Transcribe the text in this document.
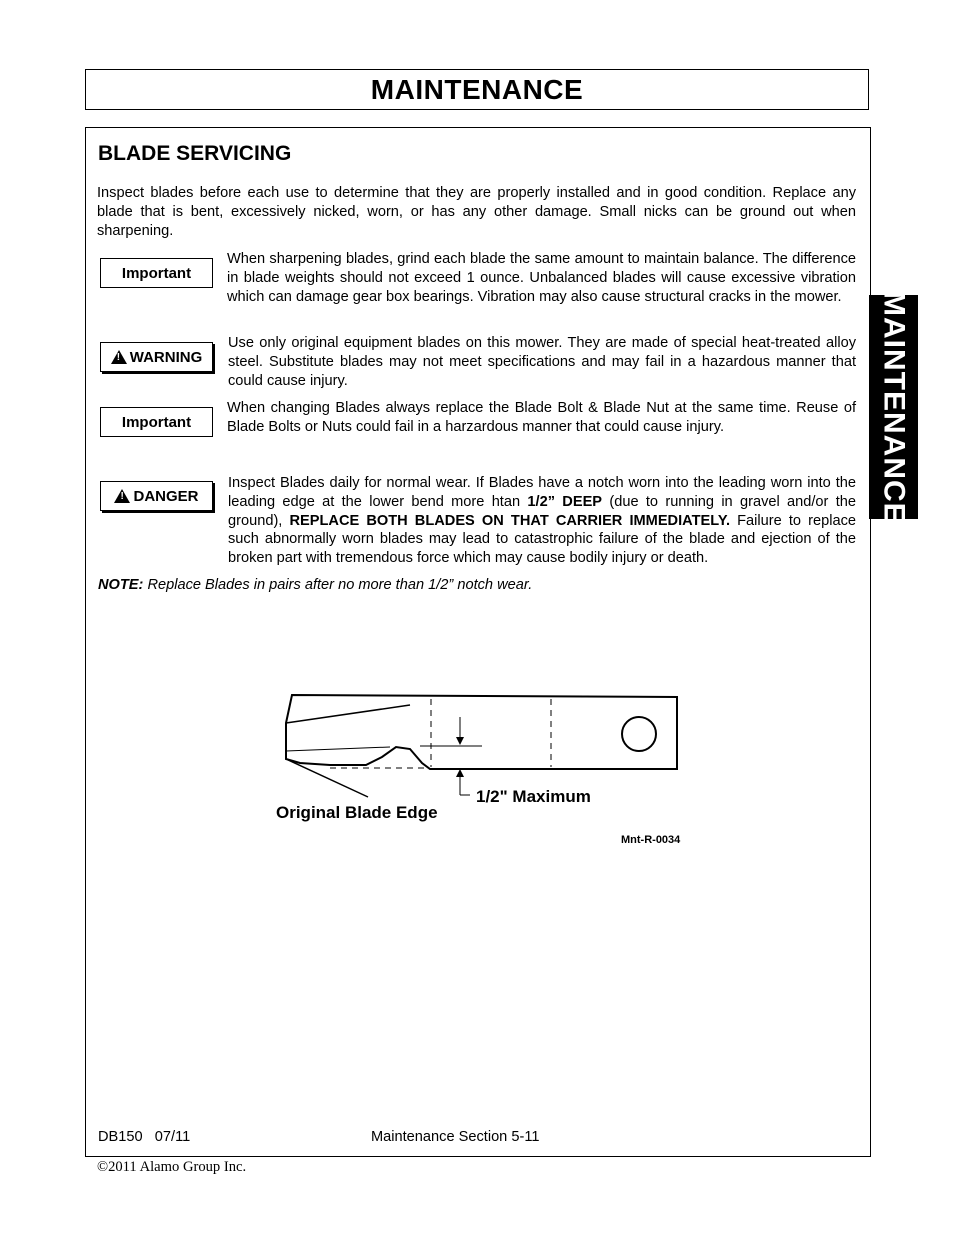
MAINTENANCE
BLADE SERVICING
Inspect blades before each use to determine that they are properly installed and in good condition. Replace any blade that is bent, excessively nicked, worn, or has any other damage. Small nicks can be ground out when sharpening.
Important
When sharpening blades, grind each blade the same amount to maintain balance. The difference in blade weights should not exceed 1 ounce. Unbalanced blades will cause excessive vibration which can damage gear box bearings. Vibration may also cause structural cracks in the mower.
!
WARNING
Use only original equipment blades on this mower. They are made of special heat-treated alloy steel. Substitute blades may not meet specifications and may fail in a hazardous manner that could cause injury.
Important
When changing Blades always replace the Blade Bolt & Blade Nut at the same time. Reuse of Blade Bolts or Nuts could fail in a harzardous manner that could cause injury.
!
DANGER
Inspect Blades daily for normal wear. If Blades have a notch worn into the leading worn into the leading edge at the lower bend more htan 1/2” DEEP (due to running in gravel and/or the ground), REPLACE BOTH BLADES ON THAT CARRIER IMMEDIATELY. Failure to replace such abnormally worn blades may lead to catastrophic failure of the blade and ejection of the broken part with tremendous force which may cause bodily injury or death.
NOTE: Replace Blades in pairs after no more than 1/2” notch wear.
1/2" Maximum
Original Blade Edge
Mnt-R-0034
DB150   07/11	Maintenance Section 5-11
©2011 Alamo Group Inc.
MAINTENANCE
